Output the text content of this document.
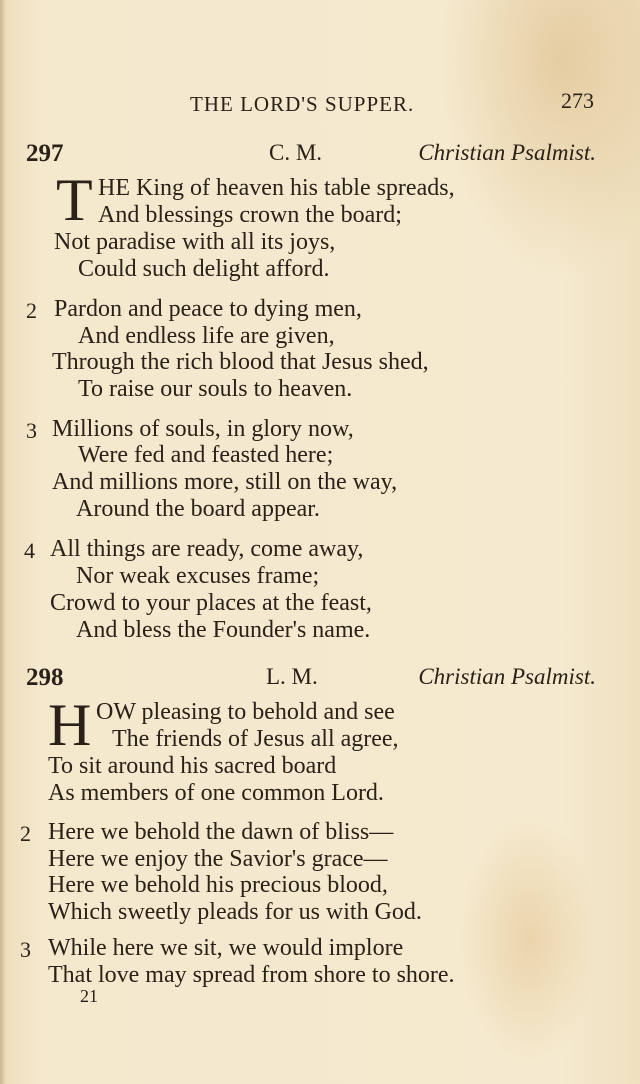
THE LORD'S SUPPER.	273
297	C. M.	Christian Psalmist.
T HE King of heaven his table spreads,
And blessings crown the board;
Not paradise with all its joys,
Could such delight afford.
2 Pardon and peace to dying men,
And endless life are given,
Through the rich blood that Jesus shed,
To raise our souls to heaven.
3 Millions of souls, in glory now,
Were fed and feasted here;
And millions more, still on the way,
Around the board appear.
4 All things are ready, come away,
Nor weak excuses frame;
Crowd to your places at the feast,
And bless the Founder's name.
298	L. M.	Christian Psalmist.
H OW pleasing to behold and see
The friends of Jesus all agree,
To sit around his sacred board
As members of one common Lord.
2 Here we behold the dawn of bliss—
Here we enjoy the Savior's grace—
Here we behold his precious blood,
Which sweetly pleads for us with God.
3 While here we sit, we would implore
That love may spread from shore to shore.
21
